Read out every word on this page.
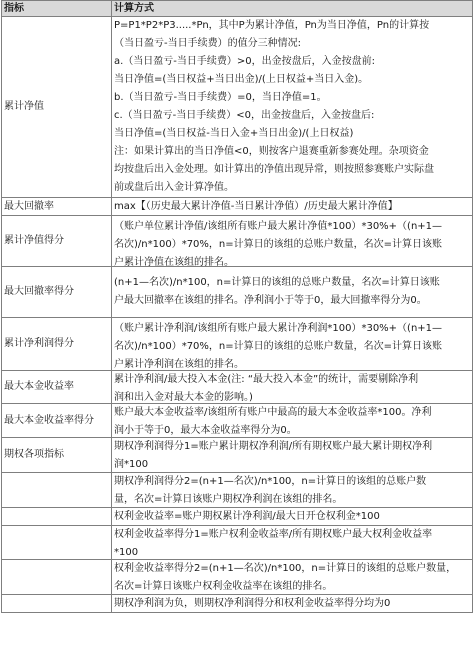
指标	计算方式
累计净值
P=P1*P2*P3.....*Pn，其中P为累计净值，Pn为当日净值，Pn的计算按
（当日盈亏-当日手续费）的值分三种情况:
a.（当日盈亏-当日手续费）>0，出金按盘后，入金按盘前:
当日净值=(当日权益+当日出金)/(上日权益+当日入金)。
b.（当日盈亏-当日手续费）=0，当日净值=1。
c.（当日盈亏-当日手续费）<0，出金按盘后，入金按盘后:
当日净值=(当日权益-当日入金+当日出金)/(上日权益)
注：如果计算出的当日净值<0，则按客户退赛重新参赛处理。杂项资金
均按盘后出入金处理。如计算出的净值出现异常，则按照参赛账户实际盘
前或盘后出入金计算净值。
最大回撤率	max【（历史最大累计净值-当日累计净值）/历史最大累计净值】
累计净值得分
（账户单位累计净值/该组所有账户最大累计净值*100）*30%+（(n+1—
名次)/n*100）*70%，n=计算日的该组的总账户数量，名次=计算日该账
户累计净值在该组的排名。
最大回撤率得分
(n+1—名次)/n*100，n=计算日的该组的总账户数量，名次=计算日该账
户最大回撤率在该组的排名。净利润小于等于0，最大回撤率得分为0。
累计净利润得分
（账户累计净利润/该组所有账户最大累计净利润*100）*30%+（(n+1—
名次)/n*100）*70%，n=计算日的该组的总账户数量，名次=计算日该账
户累计净利润在该组的排名。
最大本金收益率
累计净利润/最大投入本金(注: “最大投入本金”的统计，需要剔除净利
润和出入金对最大本金的影响。)
最大本金收益率得分
账户最大本金收益率/该组所有账户中最高的最大本金收益率*100。净利
润小于等于0，最大本金收益率得分为0。
期权各项指标
期权净利润得分1=账户累计期权净利润/所有期权账户最大累计期权净利
润*100
期权净利润得分2=(n+1—名次)/n*100，n=计算日的该组的总账户数
量，名次=计算日该账户期权净利润在该组的排名。
权利金收益率=账户期权累计净利润/最大日开仓权利金*100
权利金收益率得分1=账户权利金收益率/所有期权账户最大权利金收益率
*100
权利金收益率得分2=(n+1—名次)/n*100，n=计算日的该组的总账户数量，
名次=计算日该账户权利金收益率在该组的排名。
期权净利润为负，则期权净利润得分和权利金收益率得分均为0
